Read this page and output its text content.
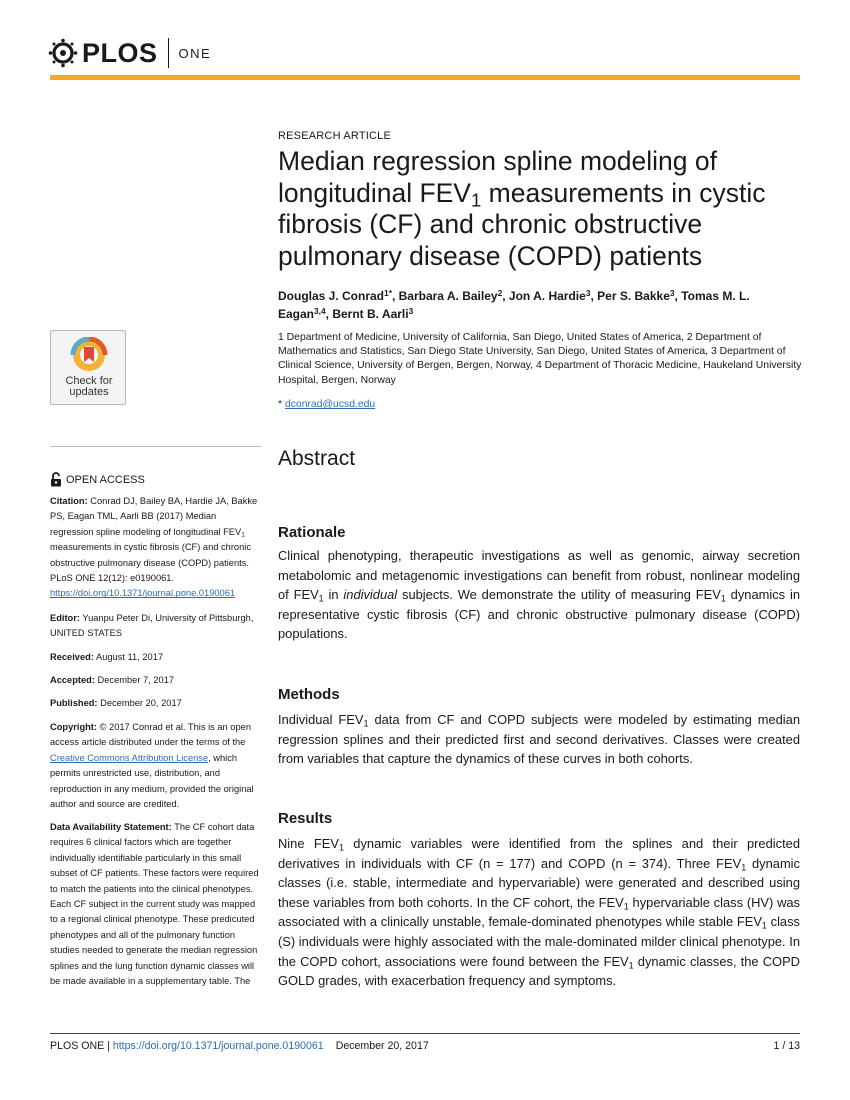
PLOS ONE
Check for
updates
OPEN ACCESS
Citation: Conrad DJ, Bailey BA, Hardie JA, Bakke PS, Eagan TML, Aarli BB (2017) Median regression spline modeling of longitudinal $FEV_1$ measurements in cystic fibrosis (CF) and chronic obstructive pulmonary disease (COPD) patients. PLoS ONE 12(12): e0190061. https://doi.org/10.1371/journal.pone.0190061
Editor: Yuanpu Peter Di, University of Pittsburgh, UNITED STATES
Received: August 11, 2017
Accepted: December 7, 2017
Published: December 20, 2017
Copyright: © 2017 Conrad et al. This is an open access article distributed under the terms of the Creative Commons Attribution License, which permits unrestricted use, distribution, and reproduction in any medium, provided the original author and source are credited.
Data Availability Statement: The CF cohort data requires 6 clinical factors which are together individually identifiable particularly in this small subset of CF patients. These factors were required to match the patients into the clinical phenotypes. Each CF subject in the current study was mapped to a regional clinical phenotype. These predicuted phenotypes and all of the pulmonary function studies needed to generate the median regression splines and the lung function dynamic classes will be made available in a supplementary table. The
RESEARCH ARTICLE
Median regression spline modeling of
longitudinal $FEV_1$ measurements in cystic
fibrosis (CF) and chronic obstructive
pulmonary disease (COPD) patients
Douglas J. Conrad$^{1*}$, Barbara A. Bailey$^2$, Jon A. Hardie$^3$, Per S. Bakke$^3$, Tomas M. L. Eagan$^{3,4}$, Bernt B. Aarli$^3$
1 Department of Medicine, University of California, San Diego, United States of America, 2 Department of Mathematics and Statistics, San Diego State University, San Diego, United States of America, 3 Department of Clinical Science, University of Bergen, Bergen, Norway, 4 Department of Thoracic Medicine, Haukeland University Hospital, Bergen, Norway
* dconrad@ucsd.edu
Abstract
Rationale

Clinical phenotyping, therapeutic investigations as well as genomic, airway secretion metabolomic and metagenomic investigations can benefit from robust, nonlinear modeling of $FEV_1$ in individual subjects. We demonstrate the utility of measuring $FEV_1$ dynamics in representative cystic fibrosis (CF) and chronic obstructive pulmonary disease (COPD) populations.

Methods

Individual $FEV_1$ data from CF and COPD subjects were modeled by estimating median regression splines and their predicted first and second derivatives. Classes were created from variables that capture the dynamics of these curves in both cohorts.

Results

Nine $FEV_1$ dynamic variables were identified from the splines and their predicted derivatives in individuals with CF (n = 177) and COPD (n = 374). Three $FEV_1$ dynamic classes (i.e. stable, intermediate and hypervariable) were generated and described using these variables from both cohorts. In the CF cohort, the $FEV_1$ hypervariable class (HV) was associated with a clinically unstable, female-dominated phenotypes while stable $FEV_1$ class (S) individuals were highly associated with the male-dominated milder clinical phenotype. In the COPD cohort, associations were found between the $FEV_1$ dynamic classes, the COPD GOLD grades, with exacerbation frequency and symptoms.

PLOS ONE | https://doi.org/10.1371/journal.pone.0190061 December 20, 2017	1 / 13
